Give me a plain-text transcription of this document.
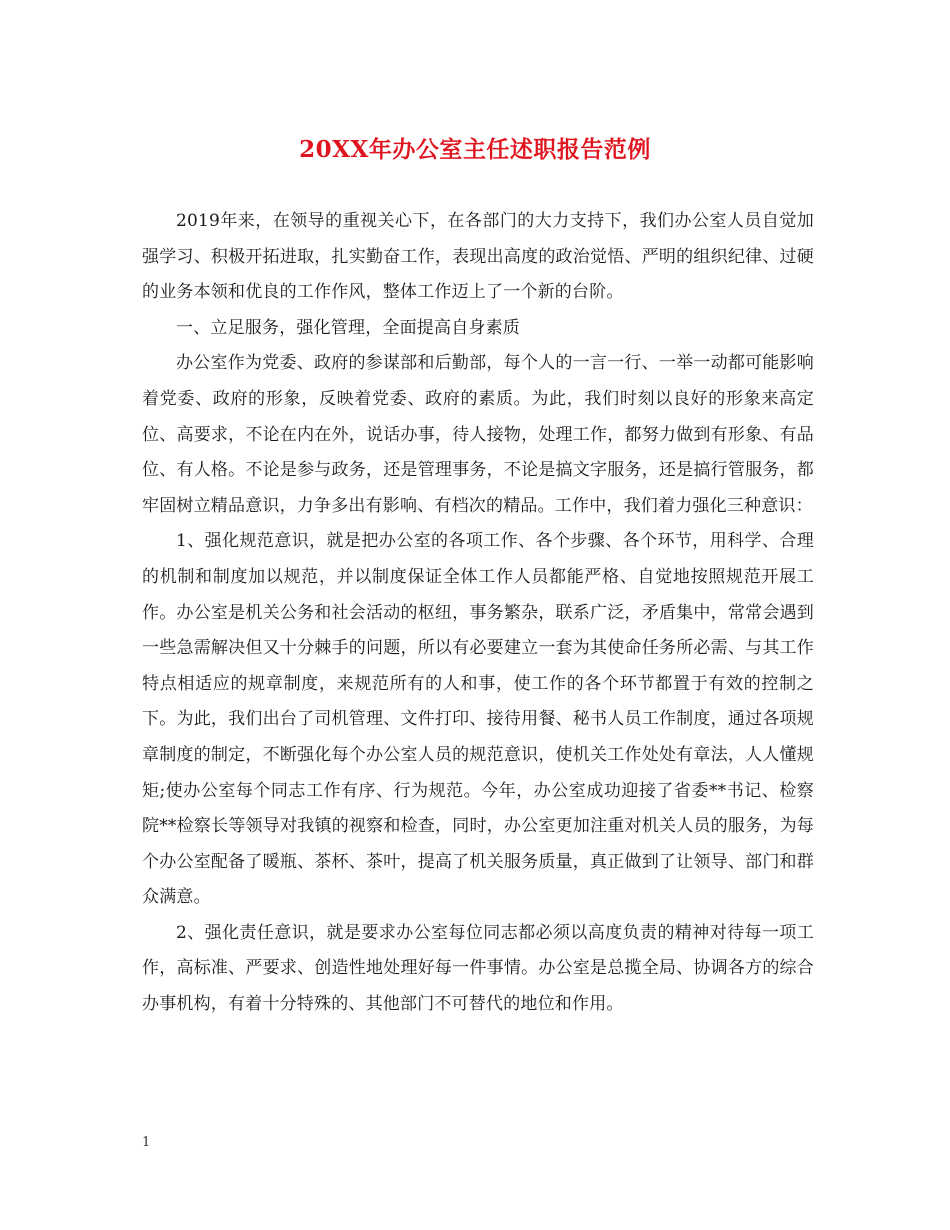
20XX年办公室主任述职报告范例

2019年来，在领导的重视关心下，在各部门的大力支持下，我们办公室人员自觉加强学习、积极开拓进取，扎实勤奋工作，表现出高度的政治觉悟、严明的组织纪律、过硬的业务本领和优良的工作作风，整体工作迈上了一个新的台阶。

一、立足服务，强化管理，全面提高自身素质

办公室作为党委、政府的参谋部和后勤部，每个人的一言一行、一举一动都可能影响着党委、政府的形象，反映着党委、政府的素质。为此，我们时刻以良好的形象来高定位、高要求，不论在内在外，说话办事，待人接物，处理工作，都努力做到有形象、有品位、有人格。不论是参与政务，还是管理事务，不论是搞文字服务，还是搞行管服务，都牢固树立精品意识，力争多出有影响、有档次的精品。工作中，我们着力强化三种意识：

1、强化规范意识，就是把办公室的各项工作、各个步骤、各个环节，用科学、合理的机制和制度加以规范，并以制度保证全体工作人员都能严格、自觉地按照规范开展工作。办公室是机关公务和社会活动的枢纽，事务繁杂，联系广泛，矛盾集中，常常会遇到一些急需解决但又十分棘手的问题，所以有必要建立一套为其使命任务所必需、与其工作特点相适应的规章制度，来规范所有的人和事，使工作的各个环节都置于有效的控制之下。为此，我们出台了司机管理、文件打印、接待用餐、秘书人员工作制度，通过各项规章制度的制定，不断强化每个办公室人员的规范意识，使机关工作处处有章法，人人懂规矩;使办公室每个同志工作有序、行为规范。今年，办公室成功迎接了省委**书记、检察院**检察长等领导对我镇的视察和检查，同时，办公室更加注重对机关人员的服务，为每个办公室配备了暖瓶、茶杯、茶叶，提高了机关服务质量，真正做到了让领导、部门和群众满意。

2、强化责任意识，就是要求办公室每位同志都必须以高度负责的精神对待每一项工作，高标准、严要求、创造性地处理好每一件事情。办公室是总揽全局、协调各方的综合办事机构，有着十分特殊的、其他部门不可替代的地位和作用。

1
